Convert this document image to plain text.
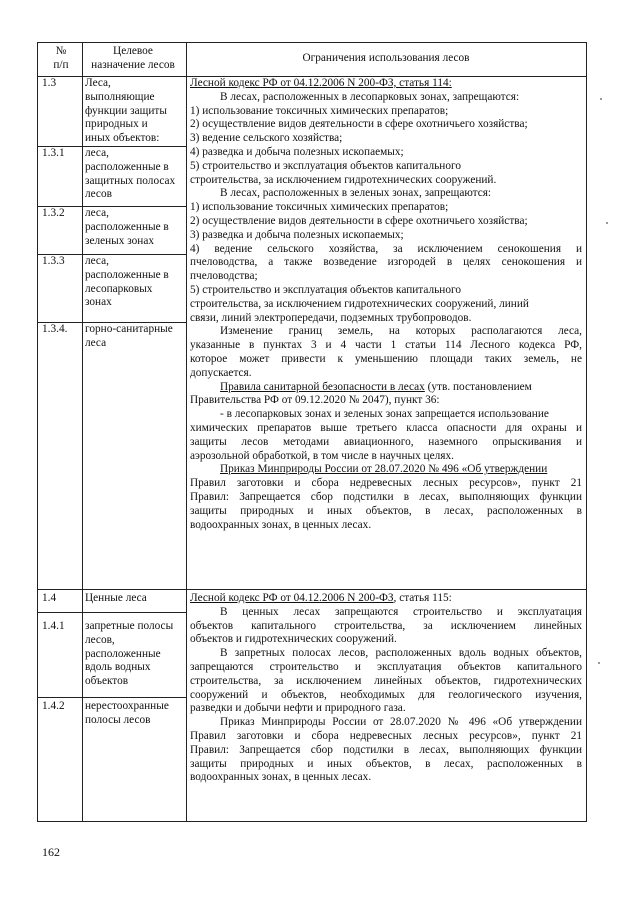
№
п/п
Целевое
назначение лесов
Ограничения использования лесов
1.3
1.3.1
1.3.2
1.3.3
1.3.4.
1.4
1.4.1
1.4.2
Леса,
выполняющие
функции защиты
природных и
иных объектов:
леса,
расположенные в
защитных полосах
лесов
леса,
расположенные в
зеленых зонах
леса,
расположенные в
лесопарковых
зонах
горно-санитарные
леса
Ценные леса
запретные полосы
лесов,
расположенные
вдоль водных
объектов
нерестоохранные
полосы лесов
Лесной кодекс РФ от 04.12.2006 N 200-ФЗ, статья 114:
В лесах, расположенных в лесопарковых зонах, запрещаются:
1) использование токсичных химических препаратов;
2) осуществление видов деятельности в сфере охотничьего хозяйства;
3) ведение сельского хозяйства;
4) разведка и добыча полезных ископаемых;
5) строительство и эксплуатация объектов капитального
строительства, за исключением гидротехнических сооружений.
В лесах, расположенных в зеленых зонах, запрещаются:
1) использование токсичных химических препаратов;
2) осуществление видов деятельности в сфере охотничьего хозяйства;
3) разведка и добыча полезных ископаемых;
4) ведение сельского хозяйства, за исключением сенокошения и
пчеловодства, а также возведение изгородей в целях сенокошения и
пчеловодства;
5) строительство и эксплуатация объектов капитального
строительства, за исключением гидротехнических сооружений, линий
связи, линий электропередачи, подземных трубопроводов.
Изменение границ земель, на которых располагаются леса,
указанные в пунктах 3 и 4 части 1 статьи 114 Лесного кодекса РФ,
которое может привести к уменьшению площади таких земель, не
допускается.
Правила санитарной безопасности в лесах (утв. постановлением
Правительства РФ от 09.12.2020 № 2047), пункт 36:
- в лесопарковых зонах и зеленых зонах запрещается использование
химических препаратов выше третьего класса опасности для охраны и
защиты лесов методами авиационного, наземного опрыскивания и
аэрозольной обработкой, в том числе в научных целях.
Приказ Минприроды России от 28.07.2020 № 496 «Об утверждении
Правил заготовки и сбора недревесных лесных ресурсов», пункт 21
Правил: Запрещается сбор подстилки в лесах, выполняющих функции
защиты природных и иных объектов, в лесах, расположенных в
водоохранных зонах, в ценных лесах.
Лесной кодекс РФ от 04.12.2006 N 200-ФЗ, статья 115:
В ценных лесах запрещаются строительство и эксплуатация
объектов капитального строительства, за исключением линейных
объектов и гидротехнических сооружений.
В запретных полосах лесов, расположенных вдоль водных объектов,
запрещаются строительство и эксплуатация объектов капитального
строительства, за исключением линейных объектов, гидротехнических
сооружений и объектов, необходимых для геологического изучения,
разведки и добычи нефти и природного газа.
Приказ Минприроды России от 28.07.2020 № 496 «Об утверждении
Правил заготовки и сбора недревесных лесных ресурсов», пункт 21
Правил: Запрещается сбор подстилки в лесах, выполняющих функции
защиты природных и иных объектов, в лесах, расположенных в
водоохранных зонах, в ценных лесах.
162
